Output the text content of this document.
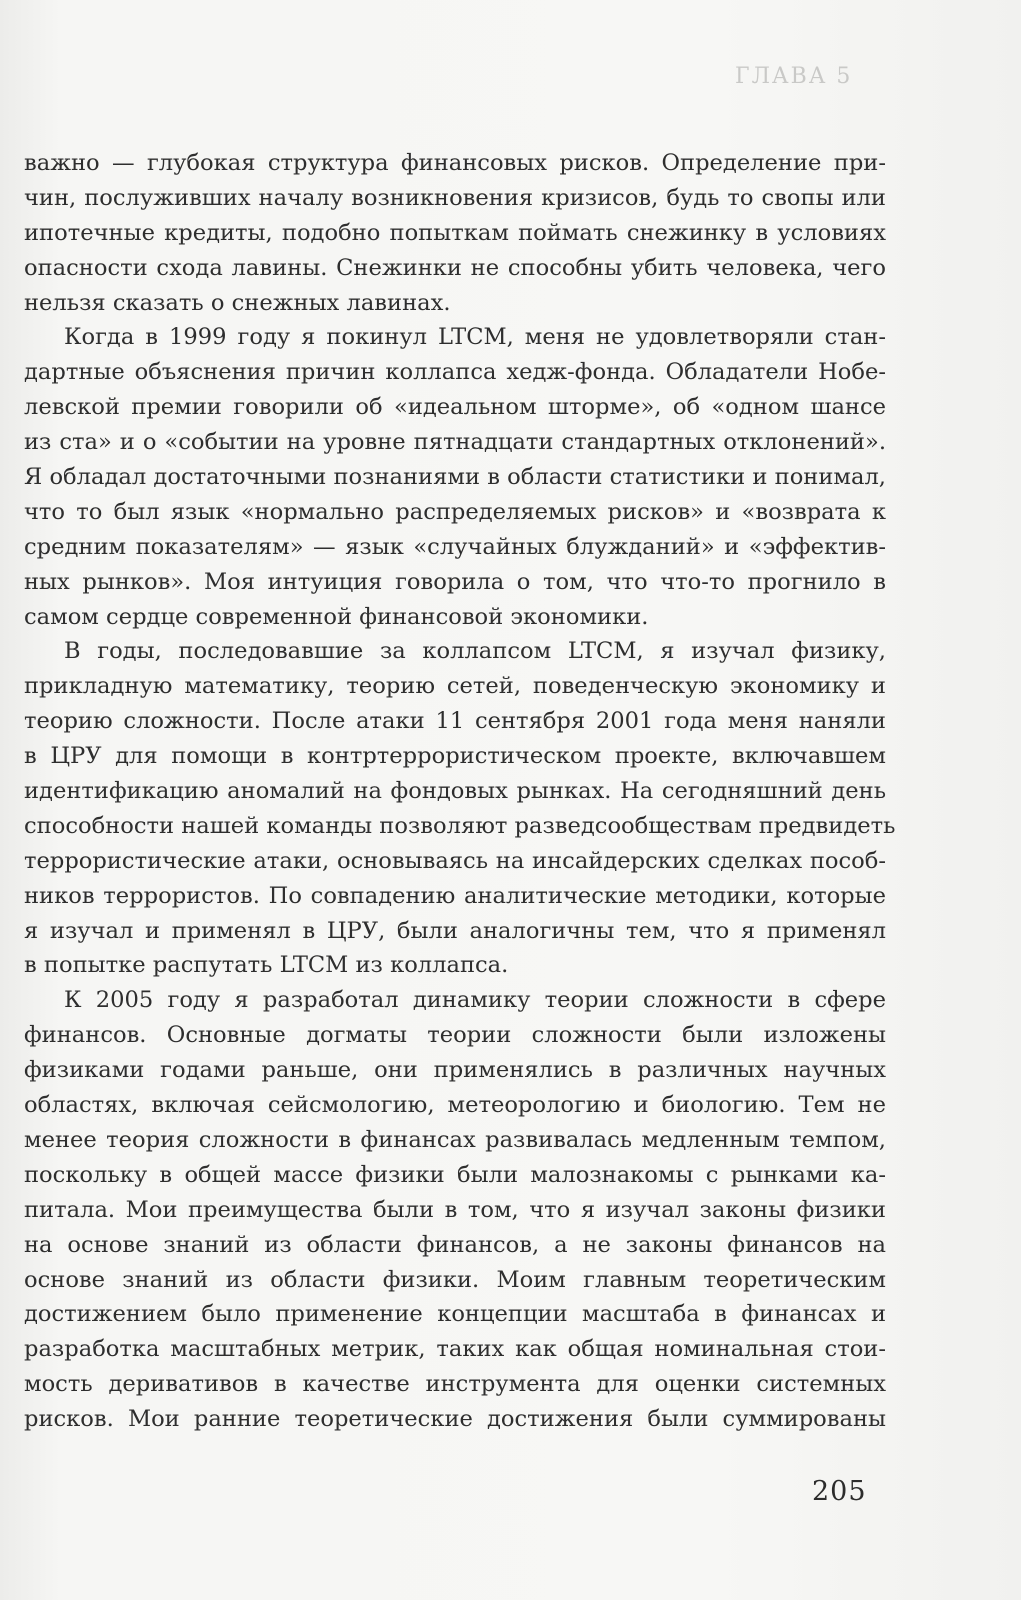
ГЛАВА 5
важно — глубокая структура финансовых рисков. Определение при-
чин, послуживших началу возникновения кризисов, будь то свопы или
ипотечные кредиты, подобно попыткам поймать снежинку в условиях
опасности схода лавины. Снежинки не способны убить человека, чего
нельзя сказать о снежных лавинах.
Когда в 1999 году я покинул LTCM, меня не удовлетворяли стан-
дартные объяснения причин коллапса хедж-фонда. Обладатели Нобе-
левской премии говорили об «идеальном шторме», об «одном шансе
из ста» и о «событии на уровне пятнадцати стандартных отклонений».
Я обладал достаточными познаниями в области статистики и понимал,
что то был язык «нормально распределяемых рисков» и «возврата к
средним показателям» — язык «случайных блужданий» и «эффектив-
ных рынков». Моя интуиция говорила о том, что что-то прогнило в
самом сердце современной финансовой экономики.
В годы, последовавшие за коллапсом LTCM, я изучал физику,
прикладную математику, теорию сетей, поведенческую экономику и
теорию сложности. После атаки 11 сентября 2001 года меня наняли
в ЦРУ для помощи в контртеррористическом проекте, включавшем
идентификацию аномалий на фондовых рынках. На сегодняшний день
способности нашей команды позволяют разведсообществам предвидеть
террористические атаки, основываясь на инсайдерских сделках пособ-
ников террористов. По совпадению аналитические методики, которые
я изучал и применял в ЦРУ, были аналогичны тем, что я применял
в попытке распутать LTCM из коллапса.
К 2005 году я разработал динамику теории сложности в сфере
финансов. Основные догматы теории сложности были изложены
физиками годами раньше, они применялись в различных научных
областях, включая сейсмологию, метеорологию и биологию. Тем не
менее теория сложности в финансах развивалась медленным темпом,
поскольку в общей массе физики были малознакомы с рынками ка-
питала. Мои преимущества были в том, что я изучал законы физики
на основе знаний из области финансов, а не законы финансов на
основе знаний из области физики. Моим главным теоретическим
достижением было применение концепции масштаба в финансах и
разработка масштабных метрик, таких как общая номинальная стои-
мость деривативов в качестве инструмента для оценки системных
рисков. Мои ранние теоретические достижения были суммированы
205
